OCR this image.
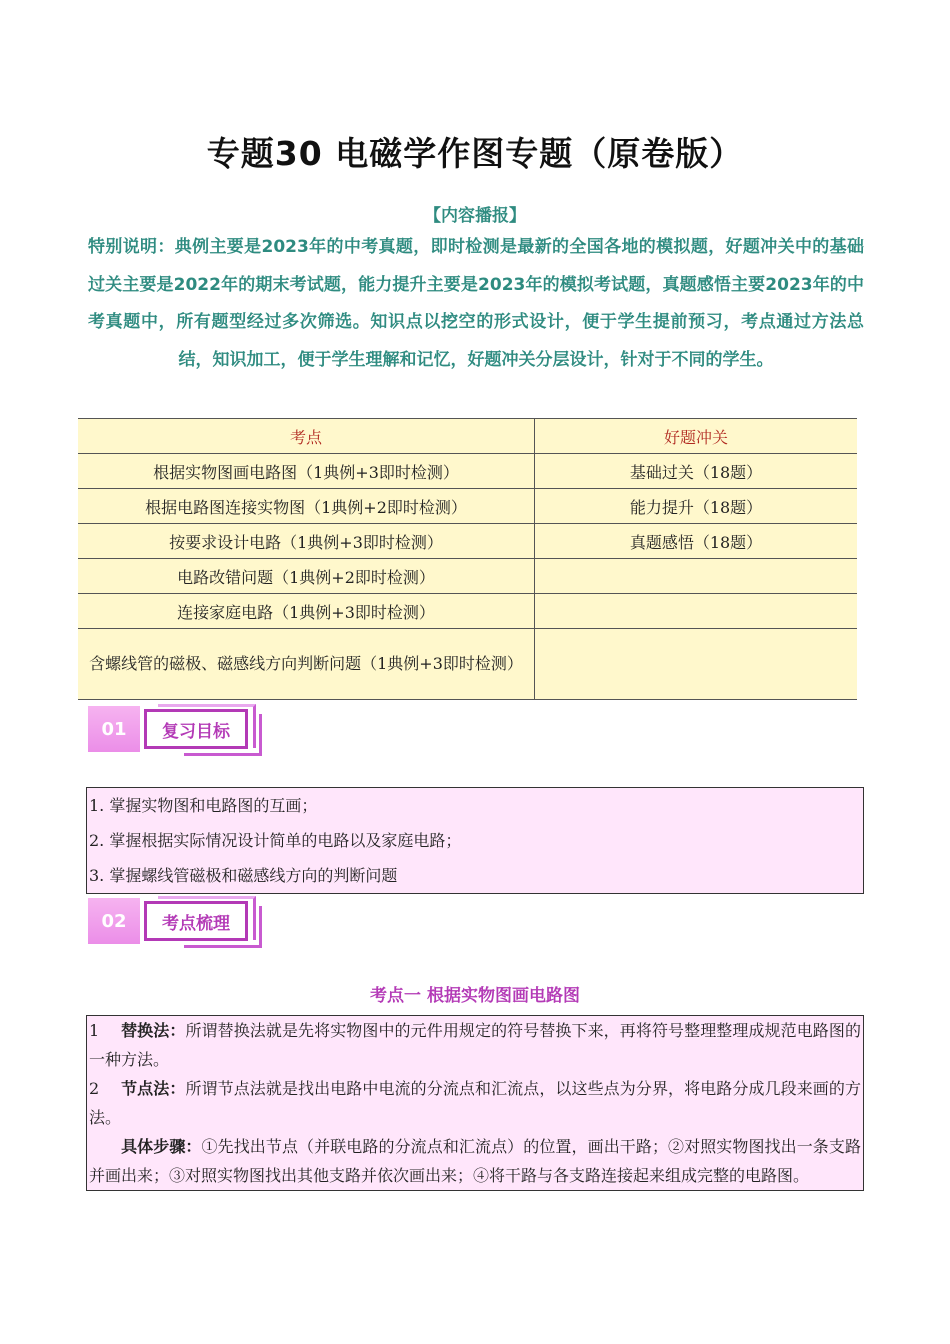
专题30 电磁学作图专题（原卷版）
【内容播报】
特别说明：典例主要是2023年的中考真题，即时检测是最新的全国各地的模拟题，好题冲关中的基础过关主要是2022年的期末考试题，能力提升主要是2023年的模拟考试题，真题感悟主要2023年的中考真题中，所有题型经过多次筛选。知识点以挖空的形式设计，便于学生提前预习，考点通过方法总结，知识加工，便于学生理解和记忆，好题冲关分层设计，针对于不同的学生。
考点	好题冲关
根据实物图画电路图（1典例+3即时检测）	基础过关（18题）
根据电路图连接实物图（1典例+2即时检测）	能力提升（18题）
按要求设计电路（1典例+3即时检测）	真题感悟（18题）
电路改错问题（1典例+2即时检测）	
连接家庭电路（1典例+3即时检测）	
含螺线管的磁极、磁感线方向判断问题（1典例+3即时检测）	
01	复习目标
1. 掌握实物图和电路图的互画；
2. 掌握根据实际情况设计简单的电路以及家庭电路；
3. 掌握螺线管磁极和磁感线方向的判断问题
02	考点梳理
考点一 根据实物图画电路图
1 替换法：所谓替换法就是先将实物图中的元件用规定的符号替换下来，再将符号整理整理成规范电路图的一种方法。
2 节点法：所谓节点法就是找出电路中电流的分流点和汇流点，以这些点为分界，将电路分成几段来画的方法。
具体步骤：①先找出节点（并联电路的分流点和汇流点）的位置，画出干路；②对照实物图找出一条支路并画出来；③对照实物图找出其他支路并依次画出来；④将干路与各支路连接起来组成完整的电路图。
